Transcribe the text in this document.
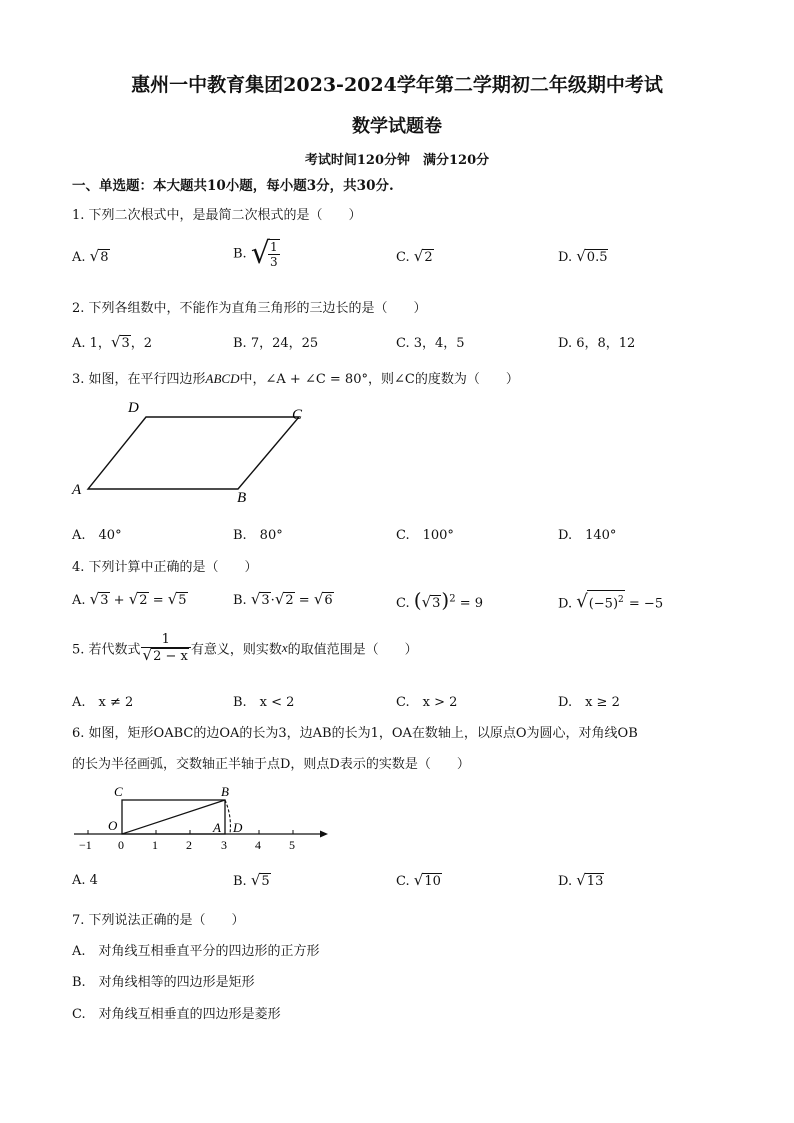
惠州一中教育集团2023-2024学年第二学期初二年级期中考试
数学试题卷
考试时间120分钟　满分120分
一、单选题：本大题共10小题，每小题3分，共30分.
1. 下列二次根式中，是最简二次根式的是（　　）
A. √8	B. √
$\frac{1}{3}$	C. √2	D. √0.5
2. 下列各组数中，不能作为直角三角形的三边长的是（　　）
A. 1，√3，2	B. 7，24，25	C. 3，4，5	D. 6，8，12
3. 如图，在平行四边形ABCD中，∠A + ∠C = 80°，则∠C的度数为（　　）
D	C
A	B
A.　40°	B.　80°	C.　100°	D.　140°
4. 下列计算中正确的是（　　）
A. √3 + √2 = √5	B. √3·√2 = √6	C. $(√3)^2 = 9$	D. $√(-5)^2 = -5$
5. 若代数式 $\frac{1}{√2 - x}$ 有意义，则实数x的取值范围是（　　）
A.　x ≠ 2	B.　x < 2	C.　x > 2	D.　x ≥ 2
6. 如图，矩形OABC的边OA的长为3，边AB的长为1，OA在数轴上，以原点O为圆心，对角线OB
的长为半径画弧，交数轴正半轴于点D，则点D表示的实数是（　　）
C	B
O	A D
−1 0 1 2 3 4 5
A. 4	B. √5	C. √10	D. √13
7. 下列说法正确的是（　　）
A.　对角线互相垂直平分的四边形的正方形
B.　对角线相等的四边形是矩形
C.　对角线互相垂直的四边形是菱形
